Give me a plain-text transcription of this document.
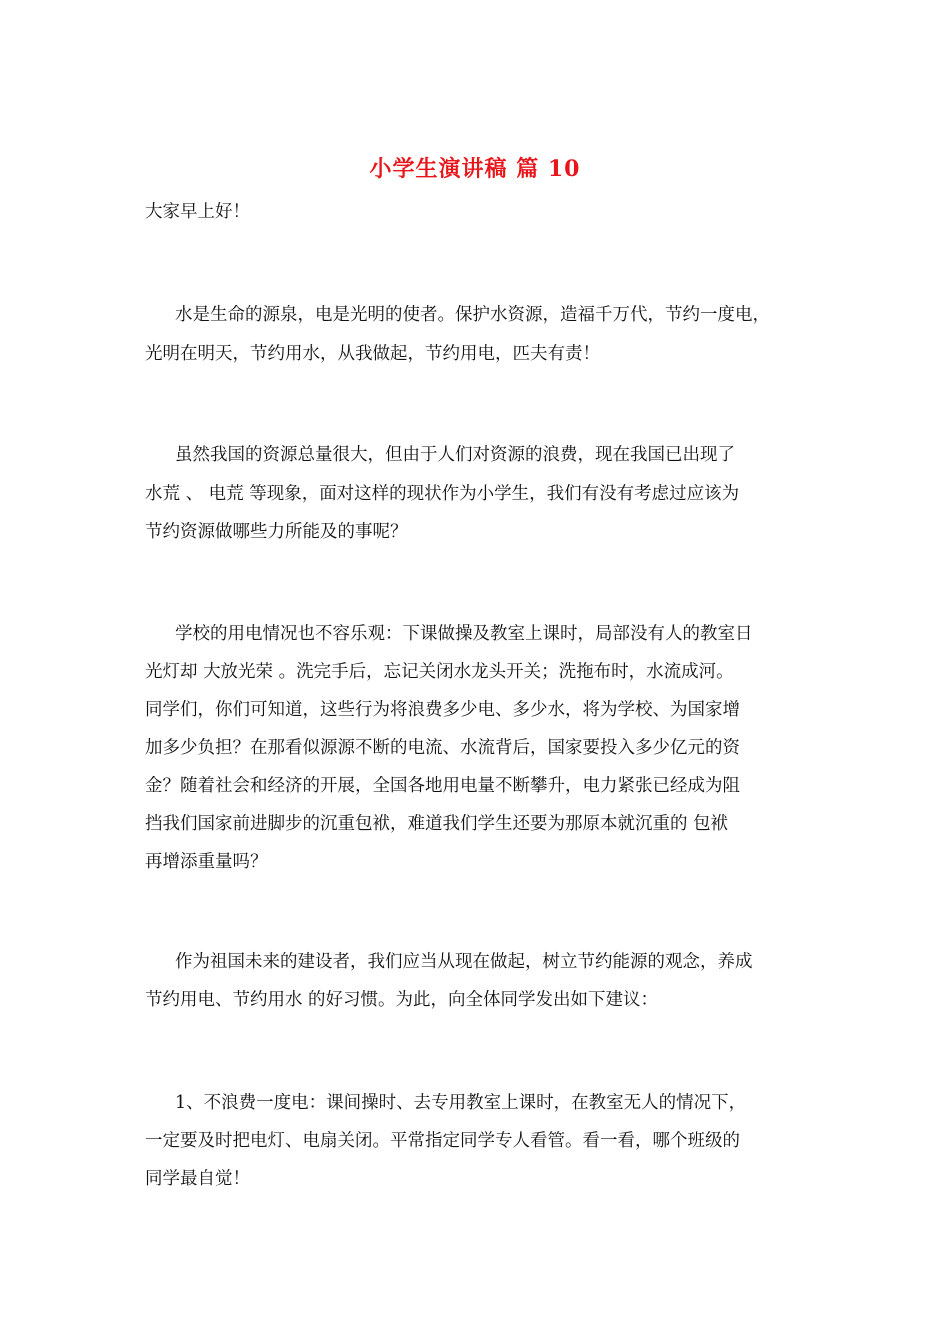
小学生演讲稿 篇 10
大家早上好！
水是生命的源泉，电是光明的使者。保护水资源，造福千万代，节约一度电，
光明在明天，节约用水，从我做起，节约用电，匹夫有责！
虽然我国的资源总量很大，但由于人们对资源的浪费，现在我国已出现了
水荒 、 电荒 等现象，面对这样的现状作为小学生，我们有没有考虑过应该为
节约资源做哪些力所能及的事呢？
学校的用电情况也不容乐观：下课做操及教室上课时，局部没有人的教室日
光灯却 大放光荣 。洗完手后，忘记关闭水龙头开关；洗拖布时，水流成河。
同学们，你们可知道，这些行为将浪费多少电、多少水，将为学校、为国家增
加多少负担？在那看似源源不断的电流、水流背后，国家要投入多少亿元的资
金？随着社会和经济的开展，全国各地用电量不断攀升，电力紧张已经成为阻
挡我们国家前进脚步的沉重包袱，难道我们学生还要为那原本就沉重的 包袱
再增添重量吗？
作为祖国未来的建设者，我们应当从现在做起，树立节约能源的观念，养成
节约用电、节约用水 的好习惯。为此，向全体同学发出如下建议：
1、不浪费一度电：课间操时、去专用教室上课时，在教室无人的情况下，
一定要及时把电灯、电扇关闭。平常指定同学专人看管。看一看，哪个班级的
同学最自觉！
